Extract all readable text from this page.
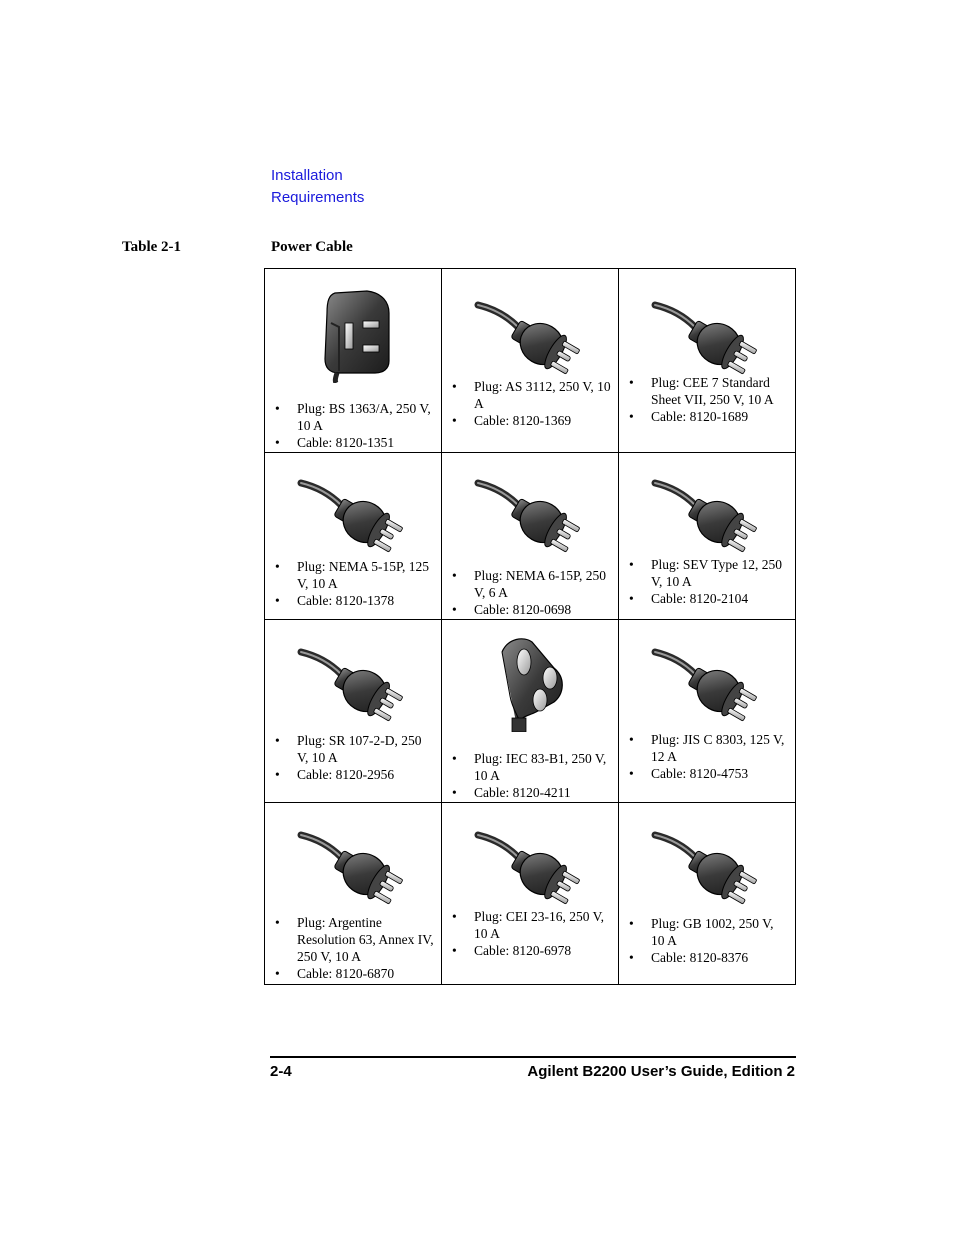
Installation
Requirements
Table 2-1	Power Cable
• Plug: BS 1363/A, 250 V, 10 A
• Cable: 8120-1351
• Plug: AS 3112, 250 V, 10 A
• Cable: 8120-1369
• Plug: CEE 7 Standard Sheet VII, 250 V, 10 A
• Cable: 8120-1689
• Plug: NEMA 5-15P, 125 V, 10 A
• Cable: 8120-1378
• Plug: NEMA 6-15P, 250 V, 6 A
• Cable: 8120-0698
• Plug: SEV Type 12, 250 V, 10 A
• Cable: 8120-2104
• Plug: SR 107-2-D, 250 V, 10 A
• Cable: 8120-2956
• Plug: IEC 83-B1, 250 V, 10 A
• Cable: 8120-4211
• Plug: JIS C 8303, 125 V, 12 A
• Cable: 8120-4753
• Plug: Argentine Resolution 63, Annex IV, 250 V, 10 A
• Cable: 8120-6870
• Plug: CEI 23-16, 250 V, 10 A
• Cable: 8120-6978
• Plug: GB 1002, 250 V, 10 A
• Cable: 8120-8376
2-4	Agilent B2200 User’s Guide, Edition 2
